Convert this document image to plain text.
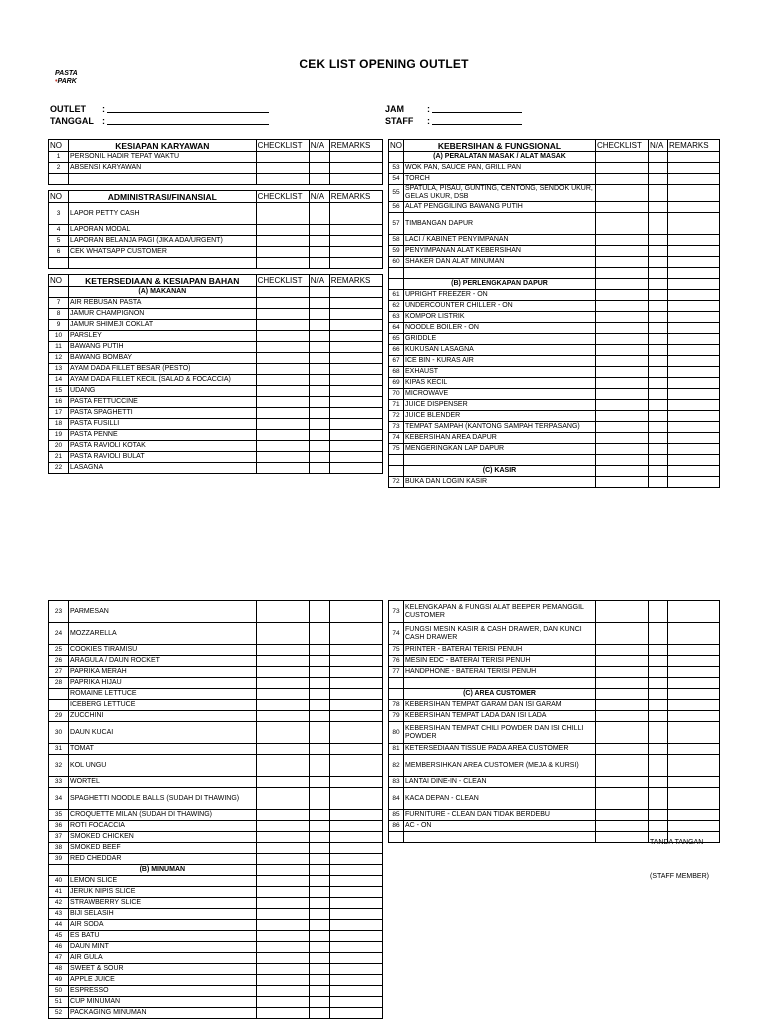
CEK LIST OPENING OUTLET
PASTA
•PARK
OUTLET :
TANGGAL :
JAM	:
STAFF :
NO	KESIAPAN KARYAWAN	CHECKLIST	N/A	REMARKS
1	PERSONIL HADIR TEPAT WAKTU			
2	ABSENSI KARYAWAN			

NO	ADMINISTRASI/FINANSIAL	CHECKLIST	N/A	REMARKS
3	LAPOR PETTY CASH			
4	LAPORAN MODAL			
5	LAPORAN BELANJA PAGI (JIKA ADA/URGENT)			
6	CEK WHATSAPP CUSTOMER			

NO	KETERSEDIAAN & KESIAPAN BAHAN	CHECKLIST	N/A	REMARKS
	(A) MAKANAN			
7	AIR REBUSAN PASTA			
8	JAMUR CHAMPIGNON			
9	JAMUR SHIMEJI COKLAT			
10	PARSLEY			
11	BAWANG PUTIH			
12	BAWANG BOMBAY			
13	AYAM DADA FILLET BESAR (PESTO)			
14	AYAM DADA FILLET KECIL (SALAD & FOCACCIA)			
15	UDANG			
16	PASTA FETTUCCINE			
17	PASTA SPAGHETTI			
18	PASTA FUSILLI			
19	PASTA PENNE			
20	PASTA RAVIOLI KOTAK			
21	PASTA RAVIOLI BULAT			
22	LASAGNA			
NO	KEBERSIHAN & FUNGSIONAL	CHECKLIST	N/A	REMARKS
	(A) PERALATAN MASAK / ALAT MASAK			
53	WOK PAN, SAUCE PAN, GRILL PAN			
54	TORCH			
55	SPATULA, PISAU, GUNTING, CENTONG, SENDOK UKUR, GELAS UKUR, DSB			
56	ALAT PENGGILING BAWANG PUTIH			
57	TIMBANGAN DAPUR			
58	LACI / KABINET PENYIMPANAN			
59	PENYIMPANAN ALAT KEBERSIHAN			
60	SHAKER DAN ALAT MINUMAN			

	(B) PERLENGKAPAN DAPUR			
61	UPRIGHT FREEZER - ON			
62	UNDERCOUNTER CHILLER - ON			
63	KOMPOR LISTRIK			
64	NOODLE BOILER - ON			
65	GRIDDLE			
66	KUKUSAN LASAGNA			
67	ICE BIN - KURAS AIR			
68	EXHAUST			
69	KIPAS KECIL			
70	MICROWAVE			
71	JUICE DISPENSER			
72	JUICE BLENDER			
73	TEMPAT SAMPAH (KANTONG SAMPAH TERPASANG)			
74	KEBERSIHAN AREA DAPUR			
75	MENGERINGKAN LAP DAPUR			

	(C) KASIR			
72	BUKA DAN LOGIN KASIR			
23	PARMESAN			
24	MOZZARELLA			
25	COOKIES TIRAMISU			
26	ARAGULA / DAUN ROCKET			
27	PAPRIKA MERAH			
28	PAPRIKA HIJAU			
	ROMAINE LETTUCE			
	ICEBERG LETTUCE			
29	ZUCCHINI			
30	DAUN KUCAI			
31	TOMAT			
32	KOL UNGU			
33	WORTEL			
34	SPAGHETTI NOODLE BALLS (SUDAH DI THAWING)			
35	CROQUETTE MILAN (SUDAH DI THAWING)			
36	ROTI FOCACCIA			
37	SMOKED CHICKEN			
38	SMOKED BEEF			
39	RED CHEDDAR			
	(B) MINUMAN			
40	LEMON SLICE			
41	JERUK NIPIS SLICE			
42	STRAWBERRY SLICE			
43	BIJI SELASIH			
44	AIR SODA			
45	ES BATU			
46	DAUN MINT			
47	AIR GULA			
48	SWEET & SOUR			
49	APPLE JUICE			
50	ESPRESSO			
51	CUP MINUMAN			
52	PACKAGING MINUMAN			
73	KELENGKAPAN & FUNGSI ALAT BEEPER PEMANGGIL CUSTOMER			
74	FUNGSI MESIN KASIR & CASH DRAWER, DAN KUNCI CASH DRAWER			
75	PRINTER - BATERAI TERISI PENUH			
76	MESIN EDC - BATERAI TERISI PENUH			
77	HANDPHONE - BATERAI TERISI PENUH			

	(C) AREA CUSTOMER			
78	KEBERSIHAN TEMPAT GARAM DAN ISI GARAM			
79	KEBERSIHAN TEMPAT LADA DAN ISI LADA			
80	KEBERSIHAN TEMPAT CHILI POWDER DAN ISI CHILLI POWDER			
81	KETERSEDIAAN TISSUE PADA AREA CUSTOMER			
82	MEMBERSIHKAN AREA CUSTOMER (MEJA & KURSI)			
83	LANTAI DINE-IN - CLEAN			
84	KACA DEPAN - CLEAN			
85	FURNITURE - CLEAN DAN TIDAK BERDEBU			
86	AC - ON			

TANDA TANGAN
(STAFF MEMBER)
